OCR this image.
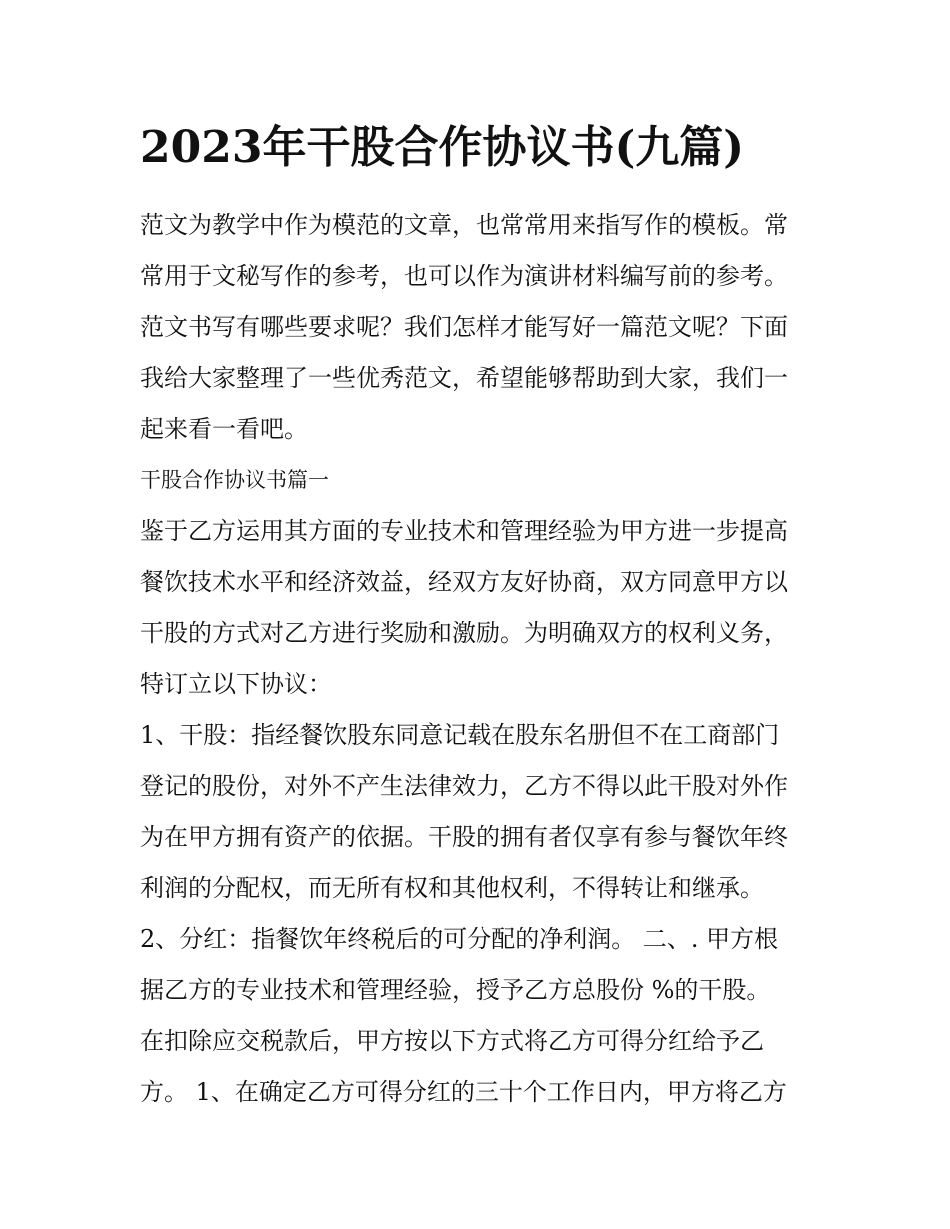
2023年干股合作协议书(九篇)
范文为教学中作为模范的文章，也常常用来指写作的模板。常
常用于文秘写作的参考，也可以作为演讲材料编写前的参考。
范文书写有哪些要求呢？我们怎样才能写好一篇范文呢？下面
我给大家整理了一些优秀范文，希望能够帮助到大家，我们一
起来看一看吧。
干股合作协议书篇一
鉴于乙方运用其方面的专业技术和管理经验为甲方进一步提高
餐饮技术水平和经济效益，经双方友好协商，双方同意甲方以
干股的方式对乙方进行奖励和激励。为明确双方的权利义务，
特订立以下协议：
1、干股：指经餐饮股东同意记载在股东名册但不在工商部门
登记的股份，对外不产生法律效力，乙方不得以此干股对外作
为在甲方拥有资产的依据。干股的拥有者仅享有参与餐饮年终
利润的分配权，而无所有权和其他权利，不得转让和继承。
2、分红：指餐饮年终税后的可分配的净利润。 二、. 甲方根
据乙方的专业技术和管理经验，授予乙方总股份 %的干股。
在扣除应交税款后，甲方按以下方式将乙方可得分红给予乙
方。 1、在确定乙方可得分红的三十个工作日内，甲方将乙方
